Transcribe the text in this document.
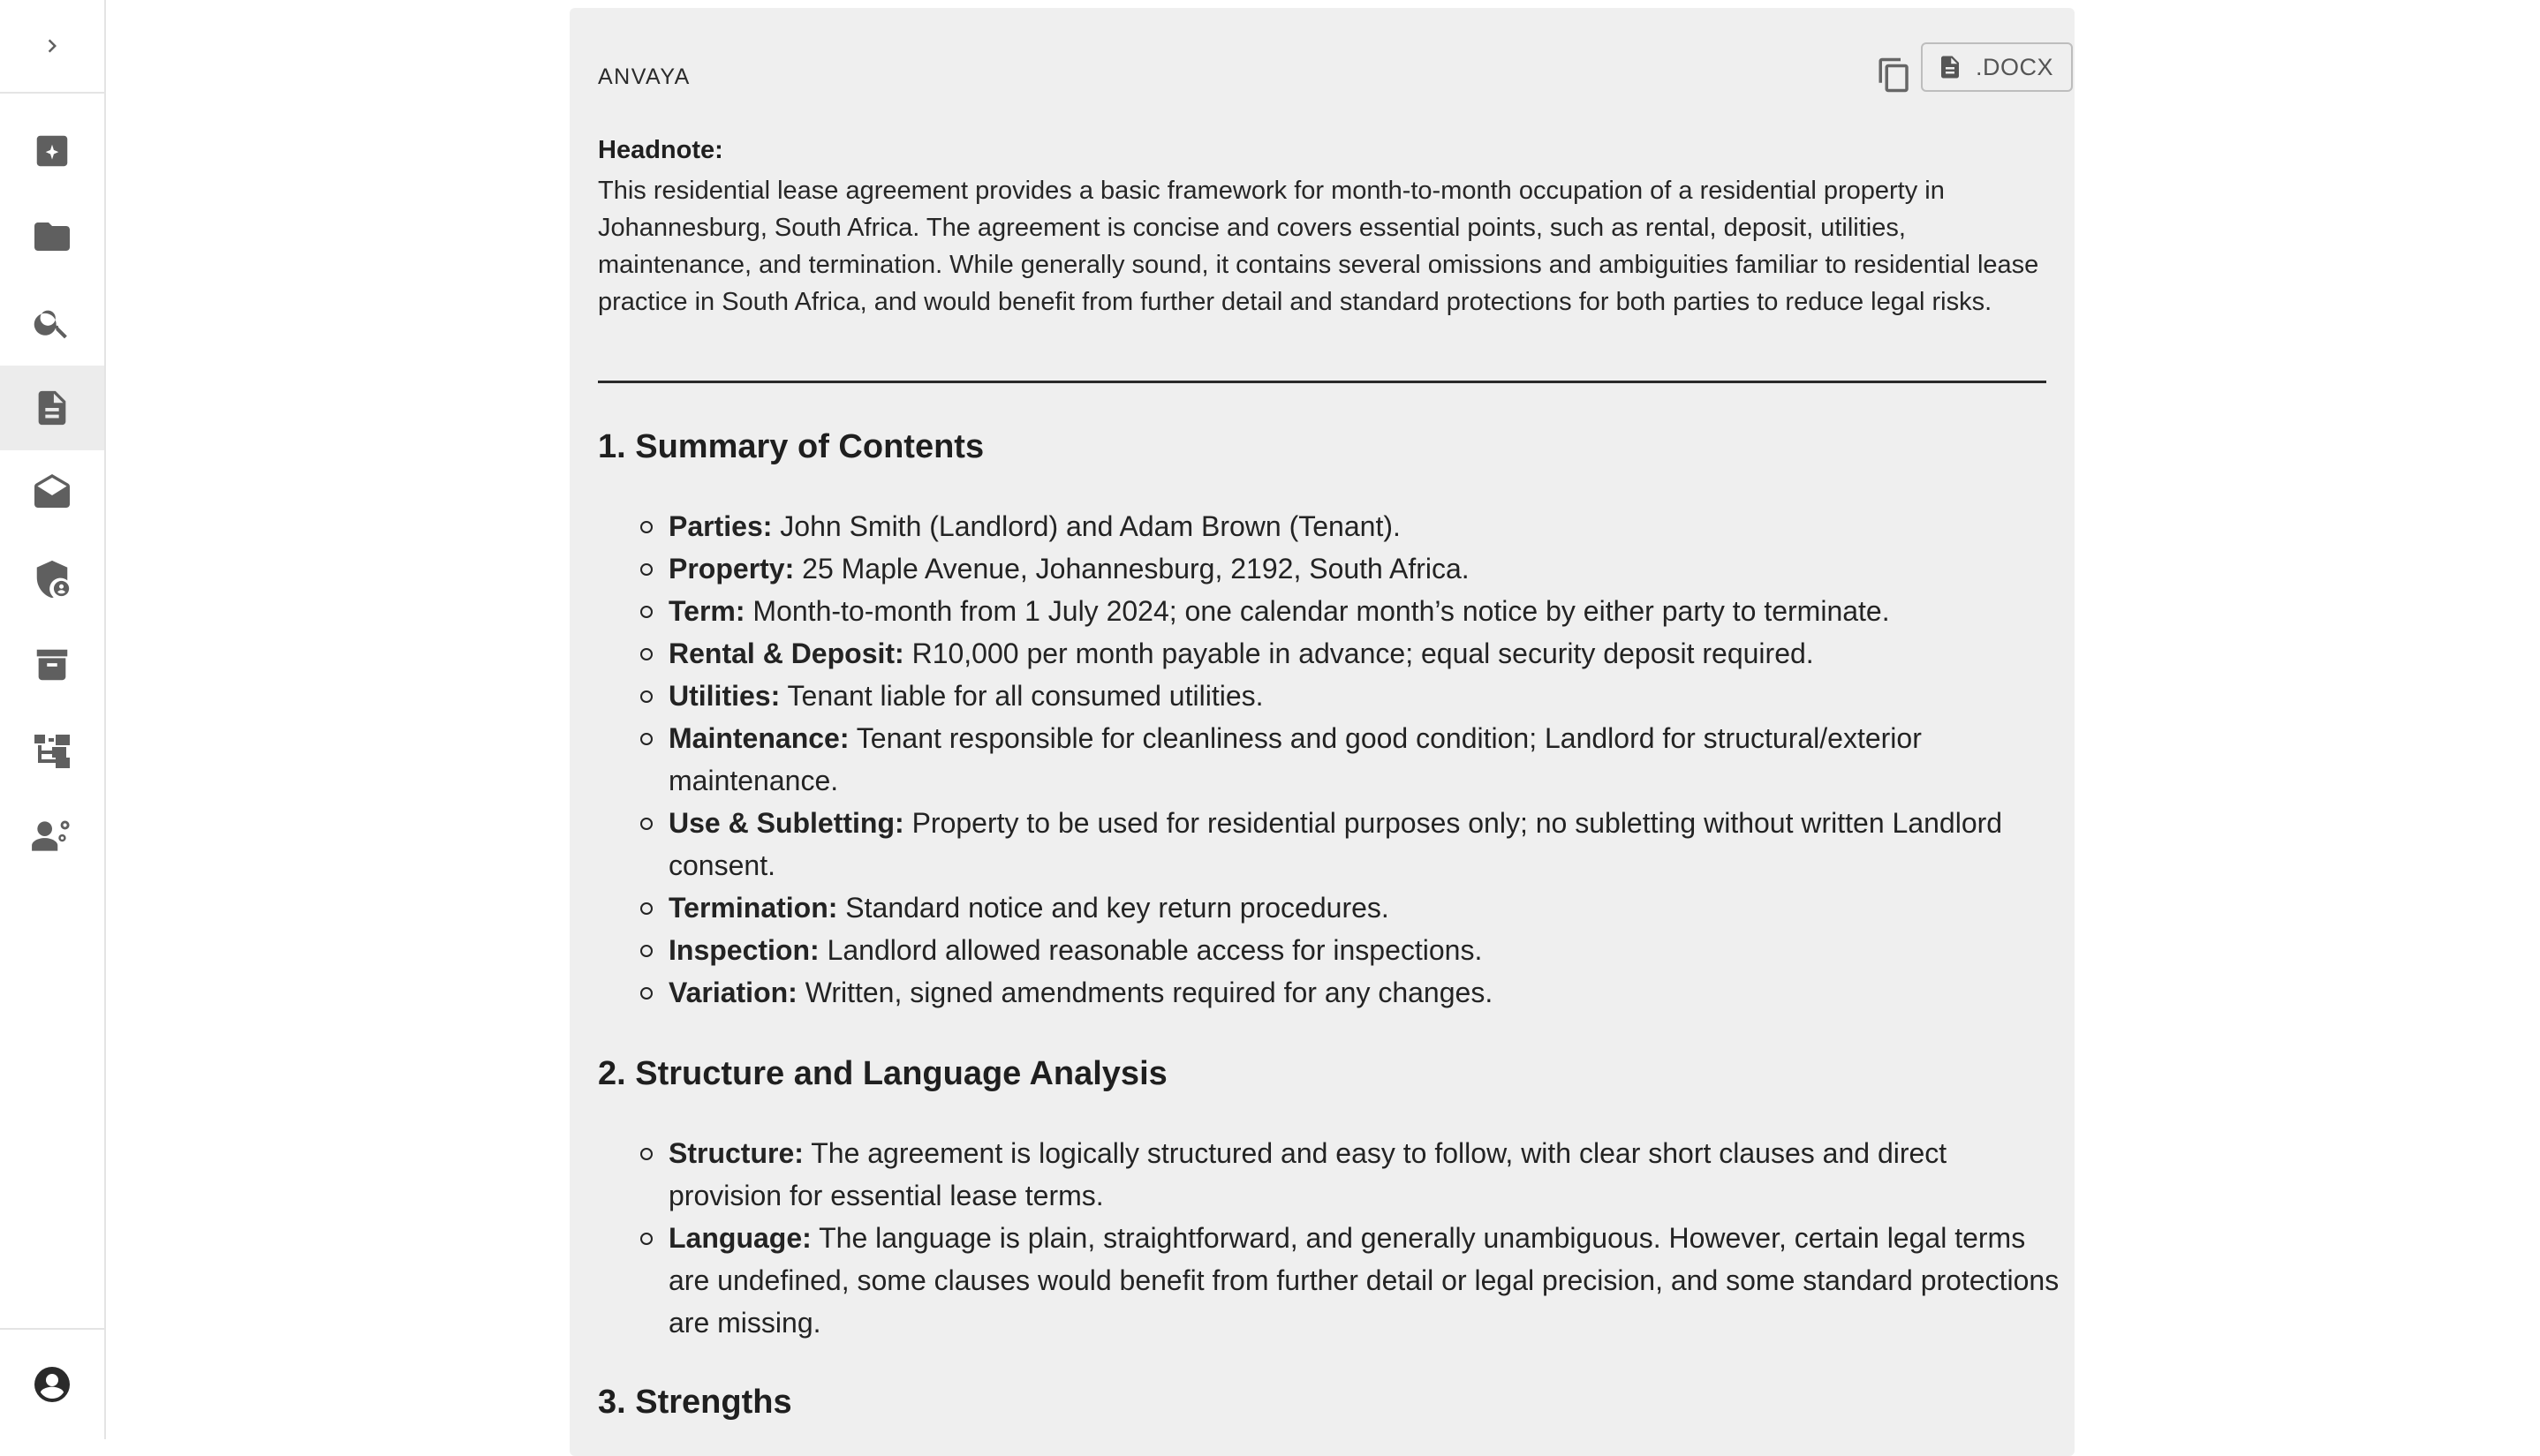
ANVAYA	.DOCX
Headnote:
This residential lease agreement provides a basic framework for month-to-month occupation of a residential property in Johannesburg, South Africa. The agreement is concise and covers essential points, such as rental, deposit, utilities, maintenance, and termination. While generally sound, it contains several omissions and ambiguities familiar to residential lease practice in South Africa, and would benefit from further detail and standard protections for both parties to reduce legal risks.
1. Summary of Contents
Parties: John Smith (Landlord) and Adam Brown (Tenant).
Property: 25 Maple Avenue, Johannesburg, 2192, South Africa.
Term: Month-to-month from 1 July 2024; one calendar month’s notice by either party to terminate.
Rental & Deposit: R10,000 per month payable in advance; equal security deposit required.
Utilities: Tenant liable for all consumed utilities.
Maintenance: Tenant responsible for cleanliness and good condition; Landlord for structural/exterior maintenance.
Use & Subletting: Property to be used for residential purposes only; no subletting without written Landlord consent.
Termination: Standard notice and key return procedures.
Inspection: Landlord allowed reasonable access for inspections.
Variation: Written, signed amendments required for any changes.
2. Structure and Language Analysis
Structure: The agreement is logically structured and easy to follow, with clear short clauses and direct provision for essential lease terms.
Language: The language is plain, straightforward, and generally unambiguous. However, certain legal terms are undefined, some clauses would benefit from further detail or legal precision, and some standard protections are missing.
3. Strengths
